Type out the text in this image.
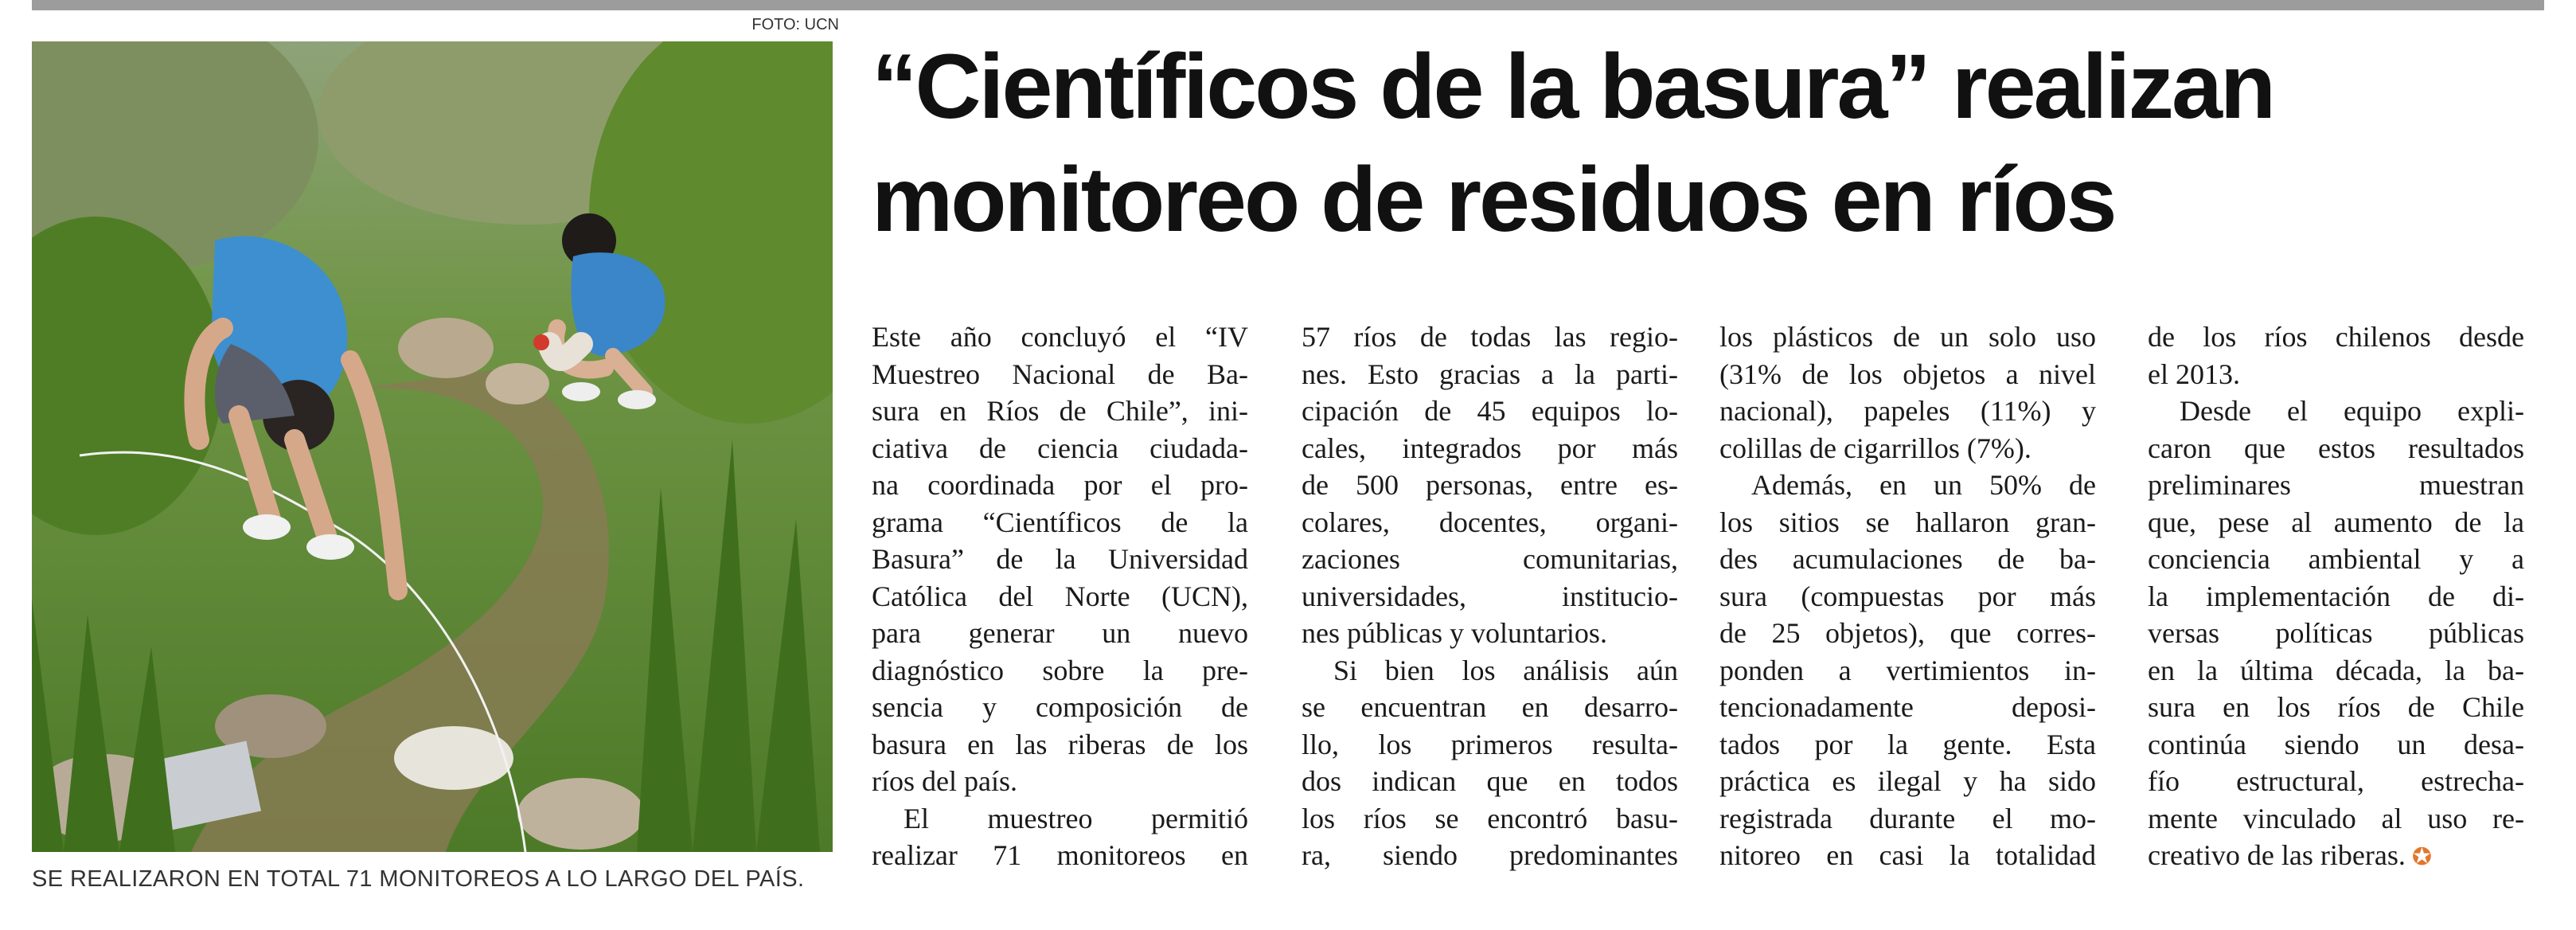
FOTO: UCN
SE REALIZARON EN TOTAL 71 MONITOREOS A LO LARGO DEL PAÍS.
“Científicos de la basura” realizan
monitoreo de residuos en ríos
Este año concluyó el “IV
Muestreo Nacional de Ba-
sura en Ríos de Chile”, ini-
ciativa de ciencia ciudada-
na coordinada por el pro-
grama “Científicos de la
Basura” de la Universidad
Católica del Norte (UCN),
para generar un nuevo
diagnóstico sobre la pre-
sencia y composición de
basura en las riberas de los
ríos del país.
El muestreo permitió
realizar 71 monitoreos en
57 ríos de todas las regio-
nes. Esto gracias a la parti-
cipación de 45 equipos lo-
cales, integrados por más
de 500 personas, entre es-
colares, docentes, organi-
zaciones comunitarias,
universidades, institucio-
nes públicas y voluntarios.
Si bien los análisis aún
se encuentran en desarro-
llo, los primeros resulta-
dos indican que en todos
los ríos se encontró basu-
ra, siendo predominantes
los plásticos de un solo uso
(31% de los objetos a nivel
nacional), papeles (11%) y
colillas de cigarrillos (7%).
Además, en un 50% de
los sitios se hallaron gran-
des acumulaciones de ba-
sura (compuestas por más
de 25 objetos), que corres-
ponden a vertimientos in-
tencionadamente deposi-
tados por la gente. Esta
práctica es ilegal y ha sido
registrada durante el mo-
nitoreo en casi la totalidad
de los ríos chilenos desde
el 2013.
Desde el equipo expli-
caron que estos resultados
preliminares muestran
que, pese al aumento de la
conciencia ambiental y a
la implementación de di-
versas políticas públicas
en la última década, la ba-
sura en los ríos de Chile
continúa siendo un desa-
fío estructural, estrecha-
mente vinculado al uso re-
creativo de las riberas. ✪
